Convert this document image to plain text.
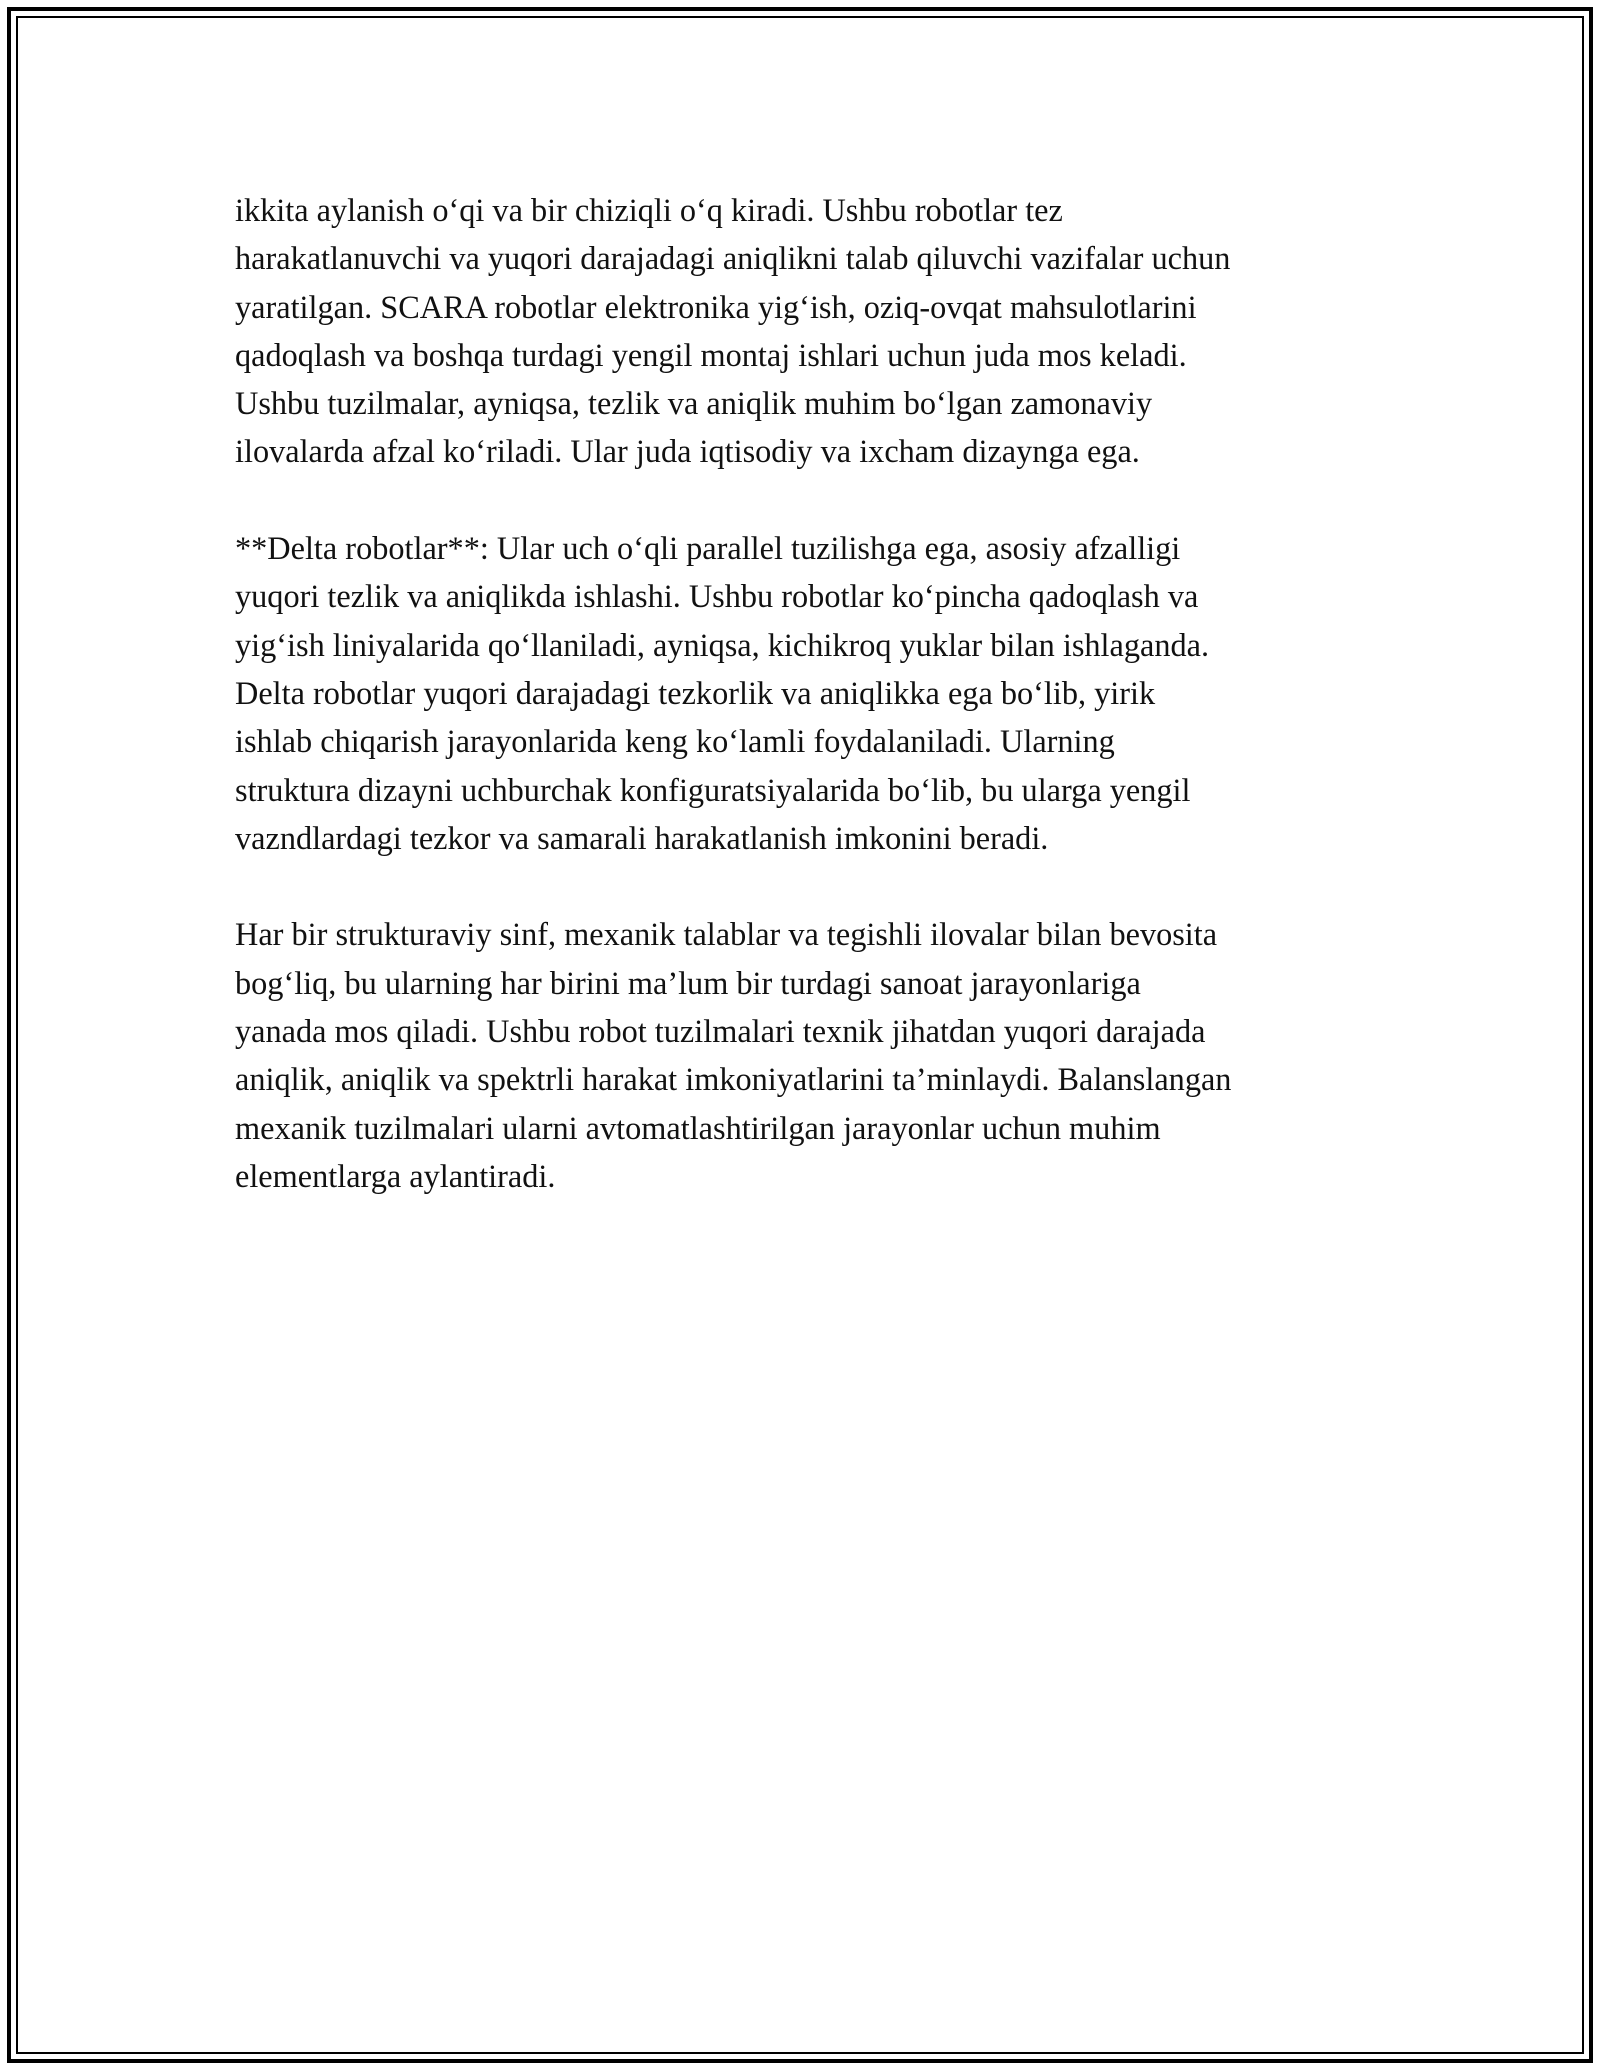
ikkita aylanish o‘qi va bir chiziqli o‘q kiradi. Ushbu robotlar tez
harakatlanuvchi va yuqori darajadagi aniqlikni talab qiluvchi vazifalar uchun
yaratilgan. SCARA robotlar elektronika yig‘ish, oziq-ovqat mahsulotlarini
qadoqlash va boshqa turdagi yengil montaj ishlari uchun juda mos keladi.
Ushbu tuzilmalar, ayniqsa, tezlik va aniqlik muhim bo‘lgan zamonaviy
ilovalarda afzal ko‘riladi. Ular juda iqtisodiy va ixcham dizaynga ega.

**Delta robotlar**: Ular uch o‘qli parallel tuzilishga ega, asosiy afzalligi
yuqori tezlik va aniqlikda ishlashi. Ushbu robotlar ko‘pincha qadoqlash va
yig‘ish liniyalarida qo‘llaniladi, ayniqsa, kichikroq yuklar bilan ishlaganda.
Delta robotlar yuqori darajadagi tezkorlik va aniqlikka ega bo‘lib, yirik
ishlab chiqarish jarayonlarida keng ko‘lamli foydalaniladi. Ularning
struktura dizayni uchburchak konfiguratsiyalarida bo‘lib, bu ularga yengil
vazndlardagi tezkor va samarali harakatlanish imkonini beradi.

Har bir strukturaviy sinf, mexanik talablar va tegishli ilovalar bilan bevosita
bog‘liq, bu ularning har birini ma’lum bir turdagi sanoat jarayonlariga
yanada mos qiladi. Ushbu robot tuzilmalari texnik jihatdan yuqori darajada
aniqlik, aniqlik va spektrli harakat imkoniyatlarini ta’minlaydi. Balanslangan
mexanik tuzilmalari ularni avtomatlashtirilgan jarayonlar uchun muhim
elementlarga aylantiradi.
